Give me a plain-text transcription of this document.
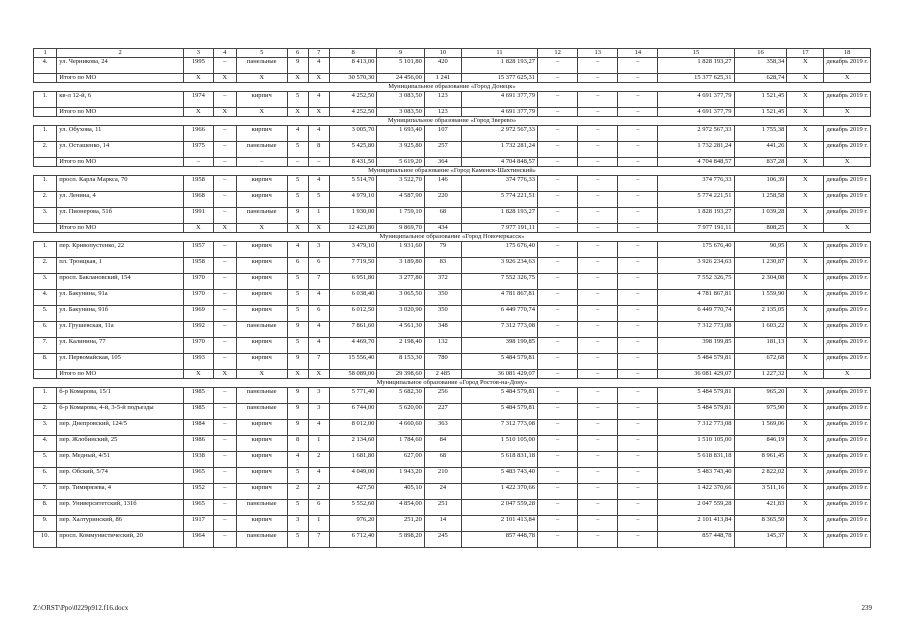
1	2	3	4	5	6	7	8	9	10	11	12	13	14	15	16	17	18
4.	ул. Черникова, 24	1995	–	панельные	9	4	8 413,00	5 101,80	420	1 828 193,27	–	–	–	1 828 193,27	358,34	X	декабрь 2019 г.
	Итого по МО	X	X	X	X	X	30 570,30	24 456,00	1 241	15 377 625,31	–	–	–	15 377 625,31	628,74	X	X
Муниципальное образование «Город Донецк»																	
1.	кв-л 12-й, 6	1974	–	кирпич	5	4	4 252,50	3 083,50	123	4 691 377,79	–	–	–	4 691 377,79	1 521,45	X	декабрь 2019 г.
	Итого по МО	X	X	X	X	X	4 252,50	3 083,50	123	4 691 377,79	–	–	–	4 691 377,79	1 521,45	X	X
Муниципальное образование «Город Зверево»																	
1.	ул. Обухова, 11	1966	–	кирпич	4	4	3 005,70	1 693,40	107	2 972 567,33	–	–	–	2 972 567,33	1 755,38	X	декабрь 2019 г.
2.	ул. Осташенко, 14	1975	–	панельные	5	8	5 425,80	3 925,80	257	1 732 281,24	–	–	–	1 732 281,24	441,26	X	декабрь 2019 г.
	Итого по МО	–	–	–	–	–	8 431,50	5 619,20	364	4 704 848,57	–	–	–	4 704 848,57	837,28	X	X
Муниципальное образование «Город Каменск-Шахтинский»																	
1.	просп. Карла Маркса, 70	1958	–	кирпич	5	4	5 514,70	3 522,70	146	374 776,33	–	–	–	374 776,33	106,39	X	декабрь 2019 г.
2.	ул. Ленина, 4	1968	–	кирпич	5	5	4 979,10	4 587,90	220	5 774 221,51	–	–	–	5 774 221,51	1 258,58	X	декабрь 2019 г.
3.	ул. Пионерова, 51б	1991	–	панельные	9	1	1 930,00	1 759,10	68	1 828 193,27	–	–	–	1 828 193,27	1 039,28	X	декабрь 2019 г.
	Итого по МО	X	X	X	X	X	12 423,80	9 869,70	434	7 977 191,11	–	–	–	7 977 191,11	808,25	X	X
Муниципальное образование «Город Новочеркасск»																	
1.	пер. Кривопустенко, 22	1957	–	кирпич	4	3	3 479,10	1 931,60	79	175 676,40	–	–	–	175 676,40	90,95	X	декабрь 2019 г.
2.	пл. Троицкая, 1	1958	–	кирпич	6	6	7 719,50	3 189,80	83	3 926 234,63	–	–	–	3 926 234,63	1 230,87	X	декабрь 2019 г.
3.	просп. Баклановский, 154	1970	–	кирпич	5	7	6 951,80	3 277,80	372	7 552 326,75	–	–	–	7 552 326,75	2 304,08	X	декабрь 2019 г.
4.	ул. Бакунина, 91а	1970	–	кирпич	5	4	6 038,40	3 065,50	350	4 781 867,81	–	–	–	4 781 867,81	1 559,90	X	декабрь 2019 г.
5.	ул. Бакунина, 91б	1969	–	кирпич	5	6	6 012,50	3 020,90	350	6 449 770,74	–	–	–	6 449 770,74	2 135,05	X	декабрь 2019 г.
6.	ул. Грушевская, 11а	1992	–	панельные	9	4	7 861,60	4 561,30	348	7 312 773,08	–	–	–	7 312 773,08	1 603,22	X	декабрь 2019 г.
7.	ул. Калинина, 77	1970	–	кирпич	5	4	4 469,70	2 198,40	132	398 199,85	–	–	–	398 199,85	181,13	X	декабрь 2019 г.
8.	ул. Первомайская, 105	1993	–	кирпич	9	7	15 556,40	8 153,30	780	5 484 579,81	–	–	–	5 484 579,81	672,68	X	декабрь 2019 г.
	Итого по МО	X	X	X	X	X	58 089,00	29 398,60	2 485	36 081 429,07	–	–	–	36 081 429,07	1 227,32	X	X
Муниципальное образование «Город Ростов-на-Дону»																	
1.	б-р Комарова, 15/1	1985	–	панельные	9	3	5 771,40	5 682,30	256	5 484 579,81	–	–	–	5 484 579,81	965,20	X	декабрь 2019 г.
2.	б-р Комарова, 4-й, 3-5-й подъезды	1985	–	панельные	9	3	6 744,00	5 620,00	227	5 484 579,81	–	–	–	5 484 579,81	975,90	X	декабрь 2019 г.
3.	пер. Днепровский, 124/5	1984	–	кирпич	9	4	8 012,00	4 660,60	363	7 312 773,08	–	–	–	7 312 773,08	1 569,06	X	декабрь 2019 г.
4.	пер. Жлобинский, 25	1986	–	кирпич	8	1	2 134,60	1 784,60	84	1 510 105,00	–	–	–	1 510 105,00	846,19	X	декабрь 2019 г.
5.	пер. Медный, 4/51	1938	–	кирпич	4	2	1 681,80	627,00	68	5 618 831,18	–	–	–	5 618 831,18	8 961,45	X	декабрь 2019 г.
6.	пер. Обский, 5/74	1965	–	кирпич	5	4	4 049,00	1 943,20	210	5 483 743,40	–	–	–	5 483 743,40	2 822,02	X	декабрь 2019 г.
7.	пер. Тимирязева, 4	1952	–	кирпич	2	2	427,50	405,10	24	1 422 370,66	–	–	–	1 422 370,66	3 511,16	X	декабрь 2019 г.
8.	пер. Университетский, 131б	1965	–	панельные	5	6	5 552,60	4 854,00	251	2 047 559,28	–	–	–	2 047 559,28	421,83	X	декабрь 2019 г.
9.	пер. Халтуринский, 86	1917	–	кирпич	3	1	976,20	251,20	14	2 101 413,84	–	–	–	2 101 413,84	8 365,50	X	декабрь 2019 г.
10.	просп. Коммунистический, 20	1964	–	панельные	5	7	6 712,40	5 898,20	245	857 448,78	–	–	–	857 448,78	145,37	X	декабрь 2019 г.
Z:\ORST\Ppo\0229p912.f16.docx	239
